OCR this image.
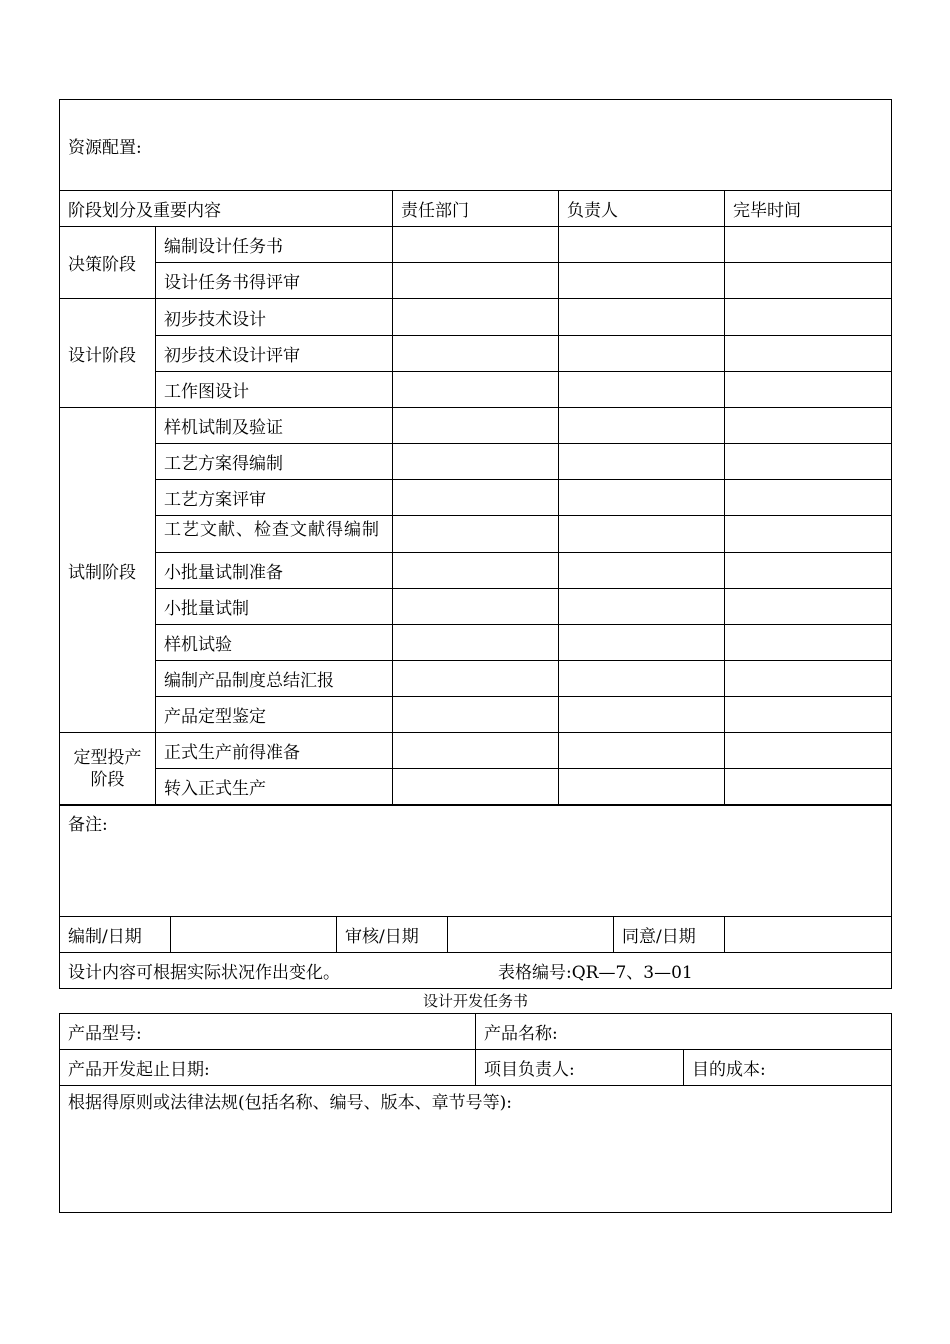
资源配置:				
阶段划分及重要内容		责任部门	负责人	完毕时间
决策阶段	编制设计任务书			
	设计任务书得评审			
设计阶段	初步技术设计			
	初步技术设计评审			
	工作图设计			
试制阶段	样机试制及验证			
	工艺方案得编制			
	工艺方案评审			

	工艺文献、检查文献得编制			

	小批量试制准备			
	小批量试制			
	样机试验			
	编制产品制度总结汇报			
	产品定型鉴定			

定型投产
阶段	正式生产前得准备			
	转入正式生产			
备注:
编制/日期		审核/日期		同意/日期	
设计内容可根据实际状况作出变化。	表格编号:QR—7、3—01
设计开发任务书
产品型号:	产品名称:	
产品开发起止日期:	项目负责人:	目的成本:
根据得原则或法律法规(包括名称、编号、版本、章节号等):		
